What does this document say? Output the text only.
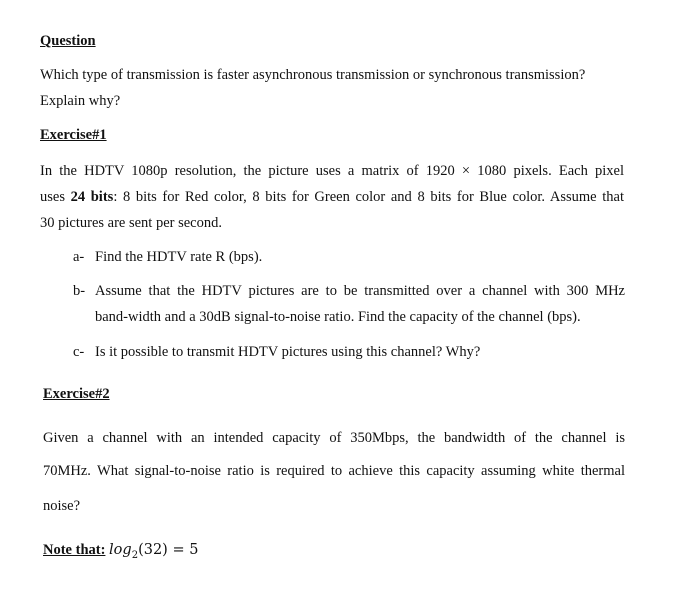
Question
Which type of transmission is faster asynchronous transmission or synchronous transmission?
Explain why?
Exercise#1
In the HDTV 1080p resolution, the picture uses a matrix of 1920 × 1080 pixels. Each pixel
uses 24 bits: 8 bits for Red color, 8 bits for Green color and 8 bits for Blue color. Assume that
30 pictures are sent per second.
a- Find the HDTV rate R (bps).
b- Assume that the HDTV pictures are to be transmitted over a channel with 300 MHz
band-width and a 30dB signal-to-noise ratio. Find the capacity of the channel (bps).
c- Is it possible to transmit HDTV pictures using this channel? Why?
Exercise#2
Given a channel with an intended capacity of 350Mbps, the bandwidth of the channel is
70MHz. What signal-to-noise ratio is required to achieve this capacity assuming white thermal
noise?
Note that: $\log_2(32) = 5$
